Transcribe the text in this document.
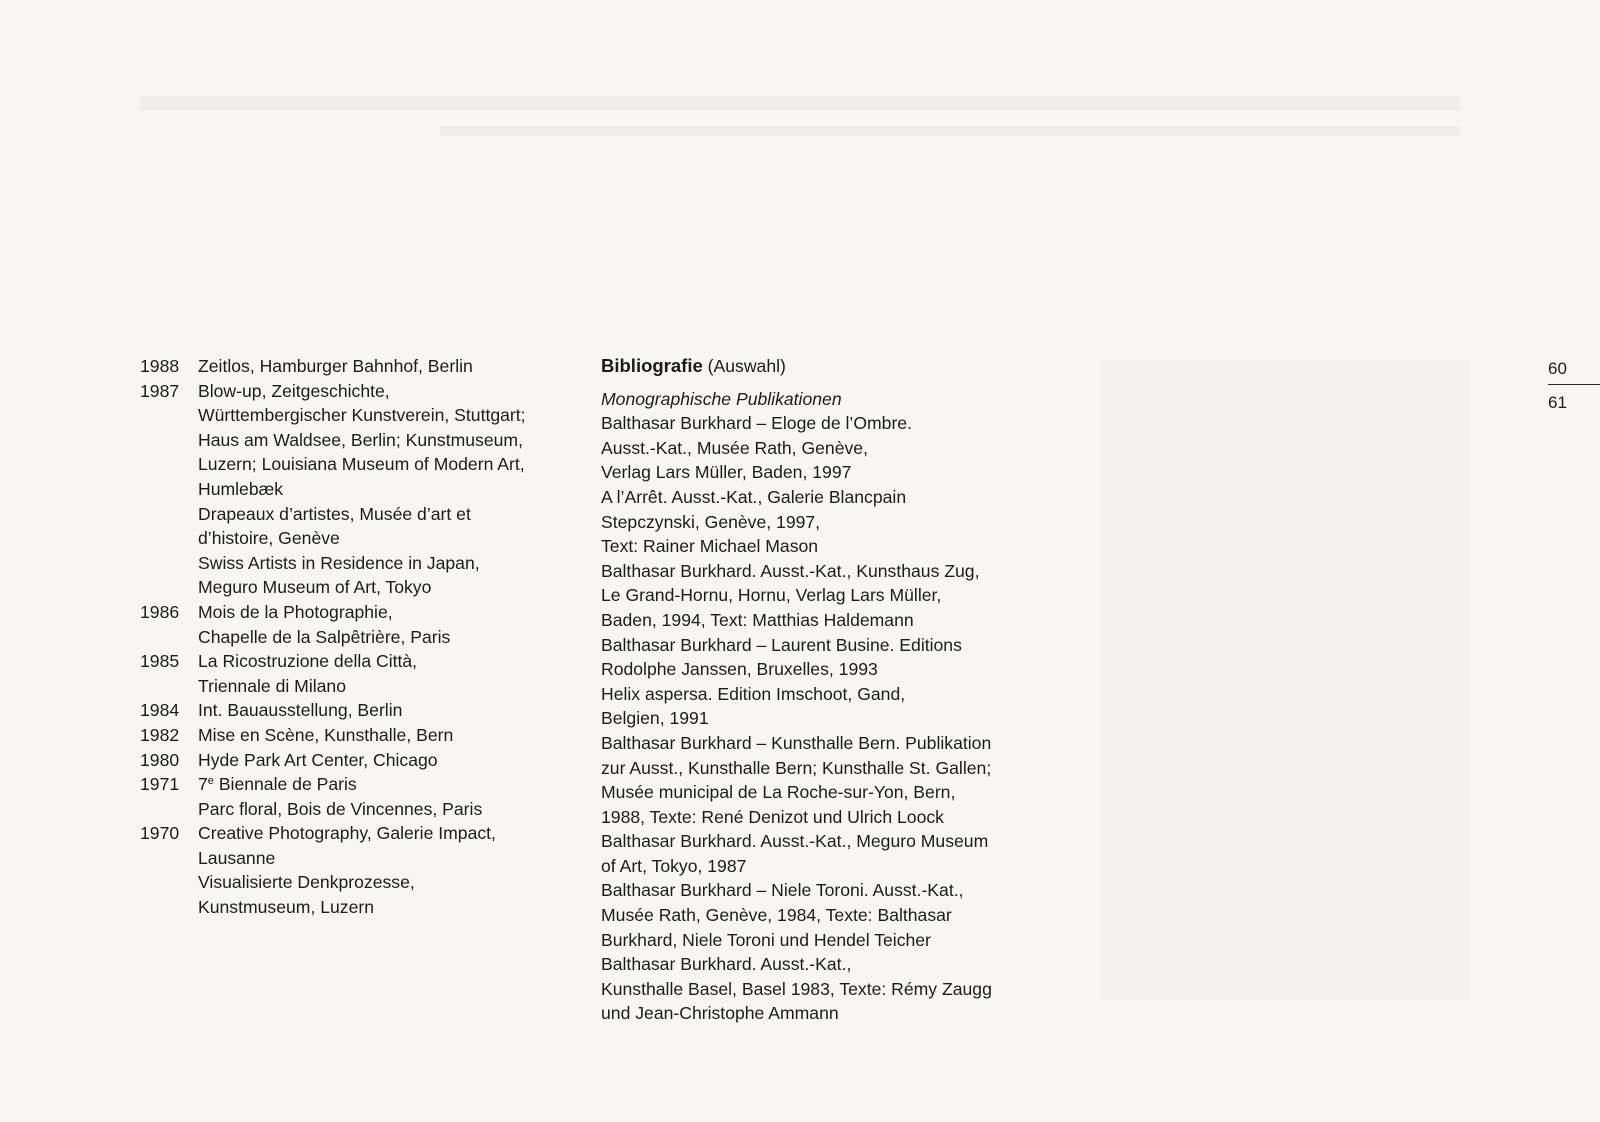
1988	Zeitlos, Hamburger Bahnhof, Berlin
1987	Blow-up, Zeitgeschichte,
Württembergischer Kunstverein, Stuttgart;
Haus am Waldsee, Berlin; Kunstmuseum,
Luzern; Louisiana Museum of Modern Art,
Humlebæk
Drapeaux d’artistes, Musée d’art et
d’histoire, Genève
Swiss Artists in Residence in Japan,
Meguro Museum of Art, Tokyo
1986	Mois de la Photographie,
Chapelle de la Salpêtrière, Paris
1985	La Ricostruzione della Città,
Triennale di Milano
1984	Int. Bauausstellung, Berlin
1982	Mise en Scène, Kunsthalle, Bern
1980	Hyde Park Art Center, Chicago
1971	7e Biennale de Paris
Parc floral, Bois de Vincennes, Paris
1970	Creative Photography, Galerie Impact,
Lausanne
Visualisierte Denkprozesse,
Kunstmuseum, Luzern
Bibliografie (Auswahl)
Monographische Publikationen
Balthasar Burkhard – Eloge de l’Ombre.
Ausst.-Kat., Musée Rath, Genève,
Verlag Lars Müller, Baden, 1997
A l’Arrêt. Ausst.-Kat., Galerie Blancpain
Stepczynski, Genève, 1997,
Text: Rainer Michael Mason
Balthasar Burkhard. Ausst.-Kat., Kunsthaus Zug,
Le Grand-Hornu, Hornu, Verlag Lars Müller,
Baden, 1994, Text: Matthias Haldemann
Balthasar Burkhard – Laurent Busine. Editions
Rodolphe Janssen, Bruxelles, 1993
Helix aspersa. Edition Imschoot, Gand,
Belgien, 1991
Balthasar Burkhard – Kunsthalle Bern. Publikation
zur Ausst., Kunsthalle Bern; Kunsthalle St. Gallen;
Musée municipal de La Roche-sur-Yon, Bern,
1988, Texte: René Denizot und Ulrich Loock
Balthasar Burkhard. Ausst.-Kat., Meguro Museum
of Art, Tokyo, 1987
Balthasar Burkhard – Niele Toroni. Ausst.-Kat.,
Musée Rath, Genève, 1984, Texte: Balthasar
Burkhard, Niele Toroni und Hendel Teicher
Balthasar Burkhard. Ausst.-Kat.,
Kunsthalle Basel, Basel 1983, Texte: Rémy Zaugg
und Jean-Christophe Ammann
60
61
